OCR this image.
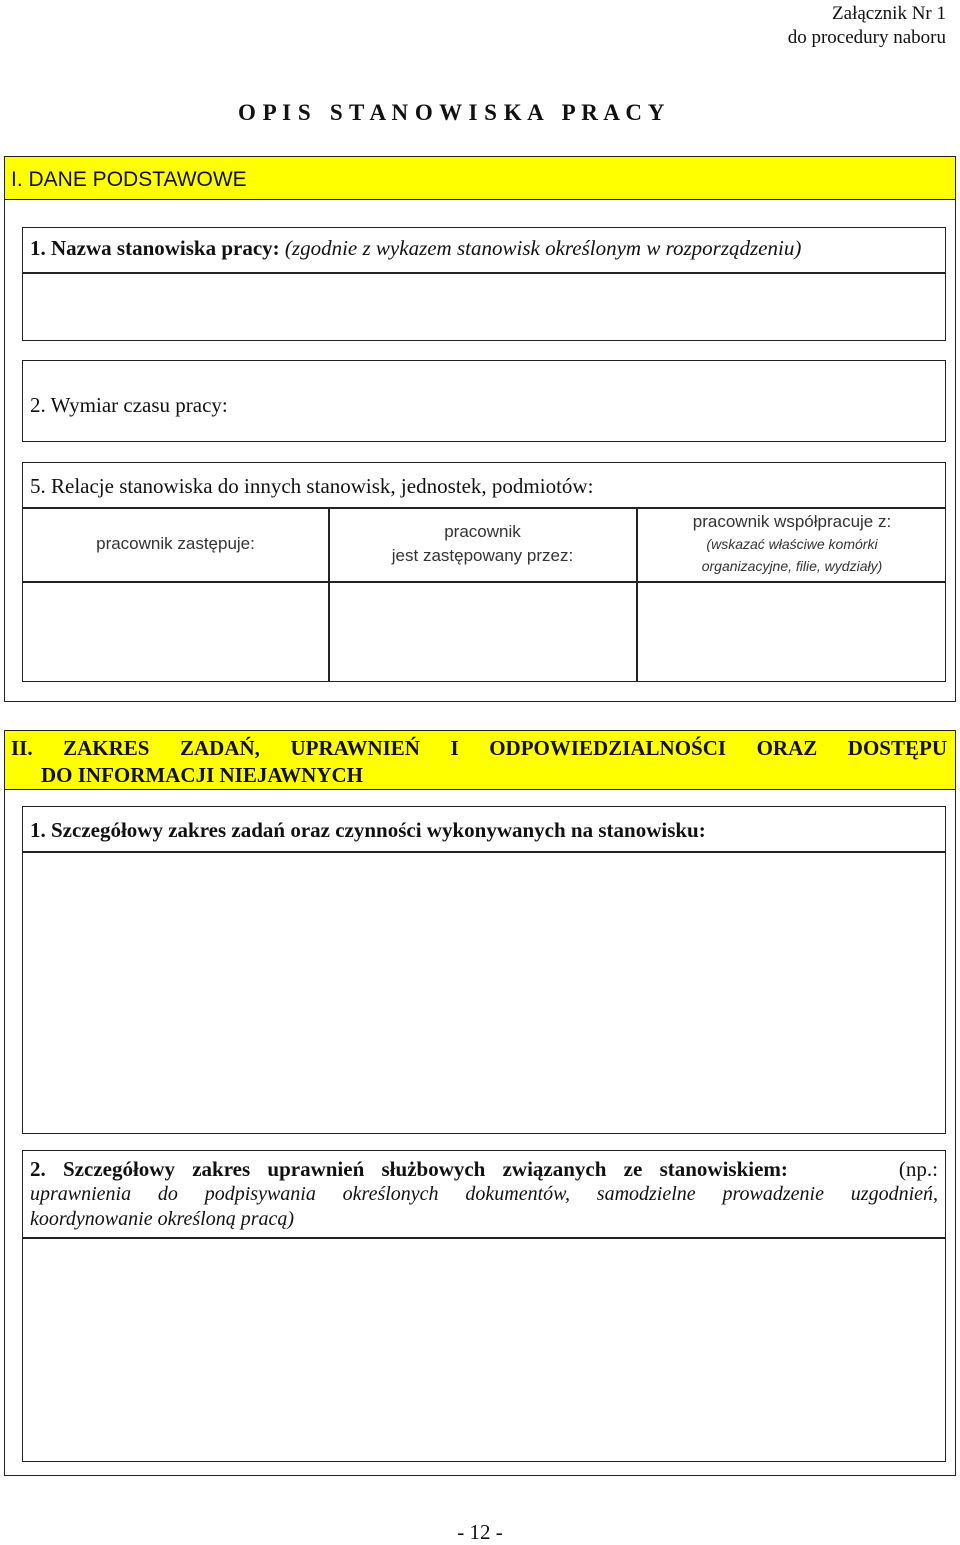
Załącznik Nr 1
do procedury naboru
O P I S   S T A N O W I S K A   P R A C Y
I. DANE PODSTAWOWE
1. Nazwa stanowiska pracy: (zgodnie z wykazem stanowisk określonym w rozporządzeniu)
2. Wymiar czasu pracy:
5. Relacje stanowiska do innych stanowisk, jednostek, podmiotów:
pracownik zastępuje:
pracownik
jest zastępowany przez:
pracownik współpracuje z:
(wskazać właściwe komórki
organizacyjne, filie, wydziały)
II. ZAKRES ZADAŃ, UPRAWNIEŃ I ODPOWIEDZIALNOŚCI ORAZ DOSTĘPU
DO INFORMACJI NIEJAWNYCH
1. Szczegółowy zakres zadań oraz czynności wykonywanych na stanowisku:
2. Szczegółowy zakres uprawnień służbowych związanych ze stanowiskiem:	(np.:
uprawnienia do podpisywania określonych dokumentów, samodzielne prowadzenie uzgodnień,
koordynowanie określoną pracą)
- 12 -
